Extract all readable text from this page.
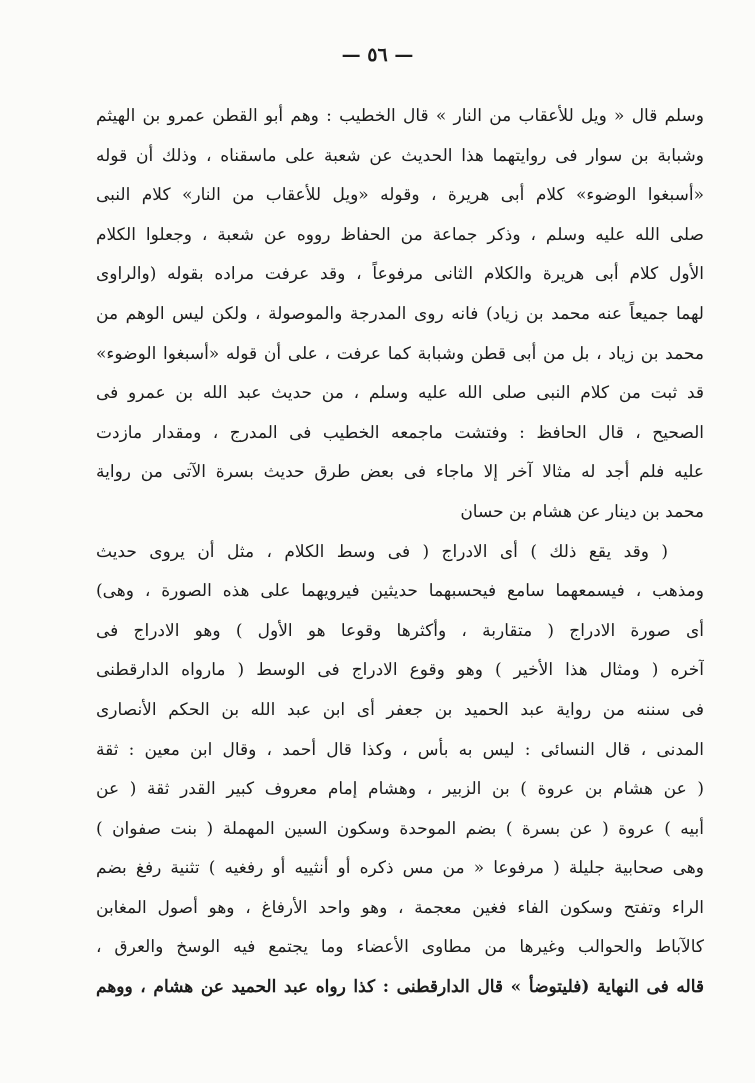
— ٥٦ —
وسلم قال « ويل للأعقاب من النار » قال الخطيب : وهم أبو القطن عمرو بن الهيثم
وشبابة بن سوار فى روايتهما هذا الحديث عن شعبة على ماسقناه ، وذلك أن قوله
«أسبغوا الوضوء» كلام أبى هريرة ، وقوله «ويل للأعقاب من النار» كلام النبى
صلى الله عليه وسلم ، وذكر جماعة من الحفاظ رووه عن شعبة ، وجعلوا الكلام
الأول كلام أبى هريرة والكلام الثانى مرفوعاً ، وقد عرفت مراده بقوله (والراوى
لهما جميعاً عنه محمد بن زياد) فانه روى المدرجة والموصولة ، ولكن ليس الوهم من
محمد بن زياد ، بل من أبى قطن وشبابة كما عرفت ، على أن قوله «أسبغوا الوضوء»
قد ثبت من كلام النبى صلى الله عليه وسلم ، من حديث عبد الله بن عمرو فى
الصحيح ، قال الحافظ : وفتشت ماجمعه الخطيب فى المدرج ، ومقدار مازدت
عليه فلم أجد له مثالا آخر إلا ماجاء فى بعض طرق حديث بسرة الآتى من رواية
محمد بن دينار عن هشام بن حسان
( وقد يقع ذلك ) أى الادراج ( فى وسط الكلام ، مثل أن يروى حديث
ومذهب ، فيسمعهما سامع فيحسبهما حديثين فيرويهما على هذه الصورة ، وهى)
أى صورة الادراج ( متقاربة ، وأكثرها وقوعا هو الأول ) وهو الادراج فى
آخره ( ومثال هذا الأخير ) وهو وقوع الادراج فى الوسط ( مارواه الدارقطنى
فى سننه من رواية عبد الحميد بن جعفر أى ابن عبد الله بن الحكم الأنصارى
المدنى ، قال النسائى : ليس به بأس ، وكذا قال أحمد ، وقال ابن معين : ثقة
( عن هشام بن عروة ) بن الزبير ، وهشام إمام معروف كبير القدر ثقة ( عن
أبيه ) عروة ( عن بسرة ) بضم الموحدة وسكون السين المهملة ( بنت صفوان )
وهى صحابية جليلة ( مرفوعا « من مس ذكره أو أنثييه أو رفغيه ) تثنية رفغ بضم
الراء وتفتح وسكون الفاء فغين معجمة ، وهو واحد الأرفاغ ، وهو أصول المغابن
كالآباط والحوالب وغيرها من مطاوى الأعضاء وما يجتمع فيه الوسخ والعرق ،
قاله فى النهاية (فليتوضأ » قال الدارقطنى : كذا رواه عبد الحميد عن هشام ، ووهم
